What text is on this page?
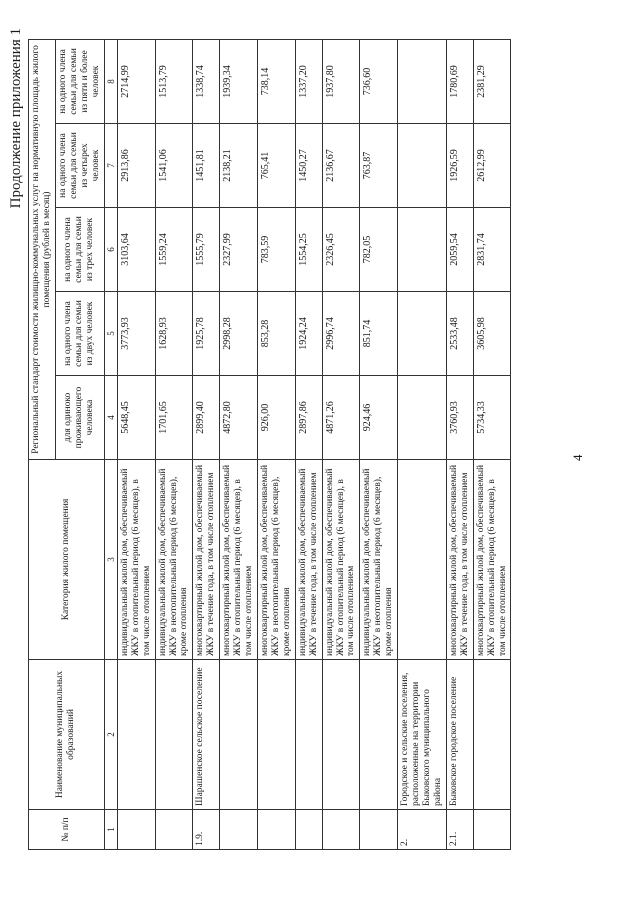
Продолжение приложения 1
№ п/п	Наименование муниципальных образований	Категория жилого помещения	Региональный стандарт стоимости жилищно-коммунальных услуг на нормативную площадь жилого помещения (рублей в месяц)				
			для одиноко проживающего человека	на одного члена семьи для семьи из двух человек	на одного члена семьи для семьи из трех человек	на одного члена семьи для семьи из четырех человек	на одного члена семьи для семьи из пяти и более человек
1	2	3	4	5	6	7	8
		индивидуальный жилой дом, обеспечиваемый ЖКУ в отопительный период (6 месяцев), в том числе отоплением	5648,45	3773,93	3103,64	2913,86	2714,99
		индивидуальный жилой дом, обеспечиваемый ЖКУ в неотопительный период (6 месяцев), кроме отопления	1701,65	1628,93	1559,24	1541,06	1513,79
1.9.	Шарашенское сельское поселение	многоквартирный жилой дом, обеспечиваемый ЖКУ в течение года, в том числе отоплением	2899,40	1925,78	1555,79	1451,81	1338,74
		многоквартирный жилой дом, обеспечиваемый ЖКУ в отопительный период (6 месяцев), в том числе отоплением	4872,80	2998,28	2327,99	2138,21	1939,34
		многоквартирный жилой дом, обеспечиваемый ЖКУ в неотопительный период (6 месяцев), кроме отопления	926,00	853,28	783,59	765,41	738,14
		индивидуальный жилой дом, обеспечиваемый ЖКУ в течение года, в том числе отоплением	2897,86	1924,24	1554,25	1450,27	1337,20
		индивидуальный жилой дом, обеспечиваемый ЖКУ в отопительный период (6 месяцев), в том числе отоплением	4871,26	2996,74	2326,45	2136,67	1937,80
		индивидуальный жилой дом, обеспечиваемый ЖКУ в неотопительный период (6 месяцев), кроме отопления	924,46	851,74	782,05	763,87	736,60
2.	Городское и сельские поселения, расположенные на территории Быковского муниципального района						
2.1.	Быковское городское поселение	многоквартирный жилой дом, обеспечиваемый ЖКУ в течение года, в том числе отоплением	3760,93	2533,48	2059,54	1926,59	1780,69
		многоквартирный жилой дом, обеспечиваемый ЖКУ в отопительный период (6 месяцев), в том числе отоплением	5734,33	3605,98	2831,74	2612,99	2381,29
4
